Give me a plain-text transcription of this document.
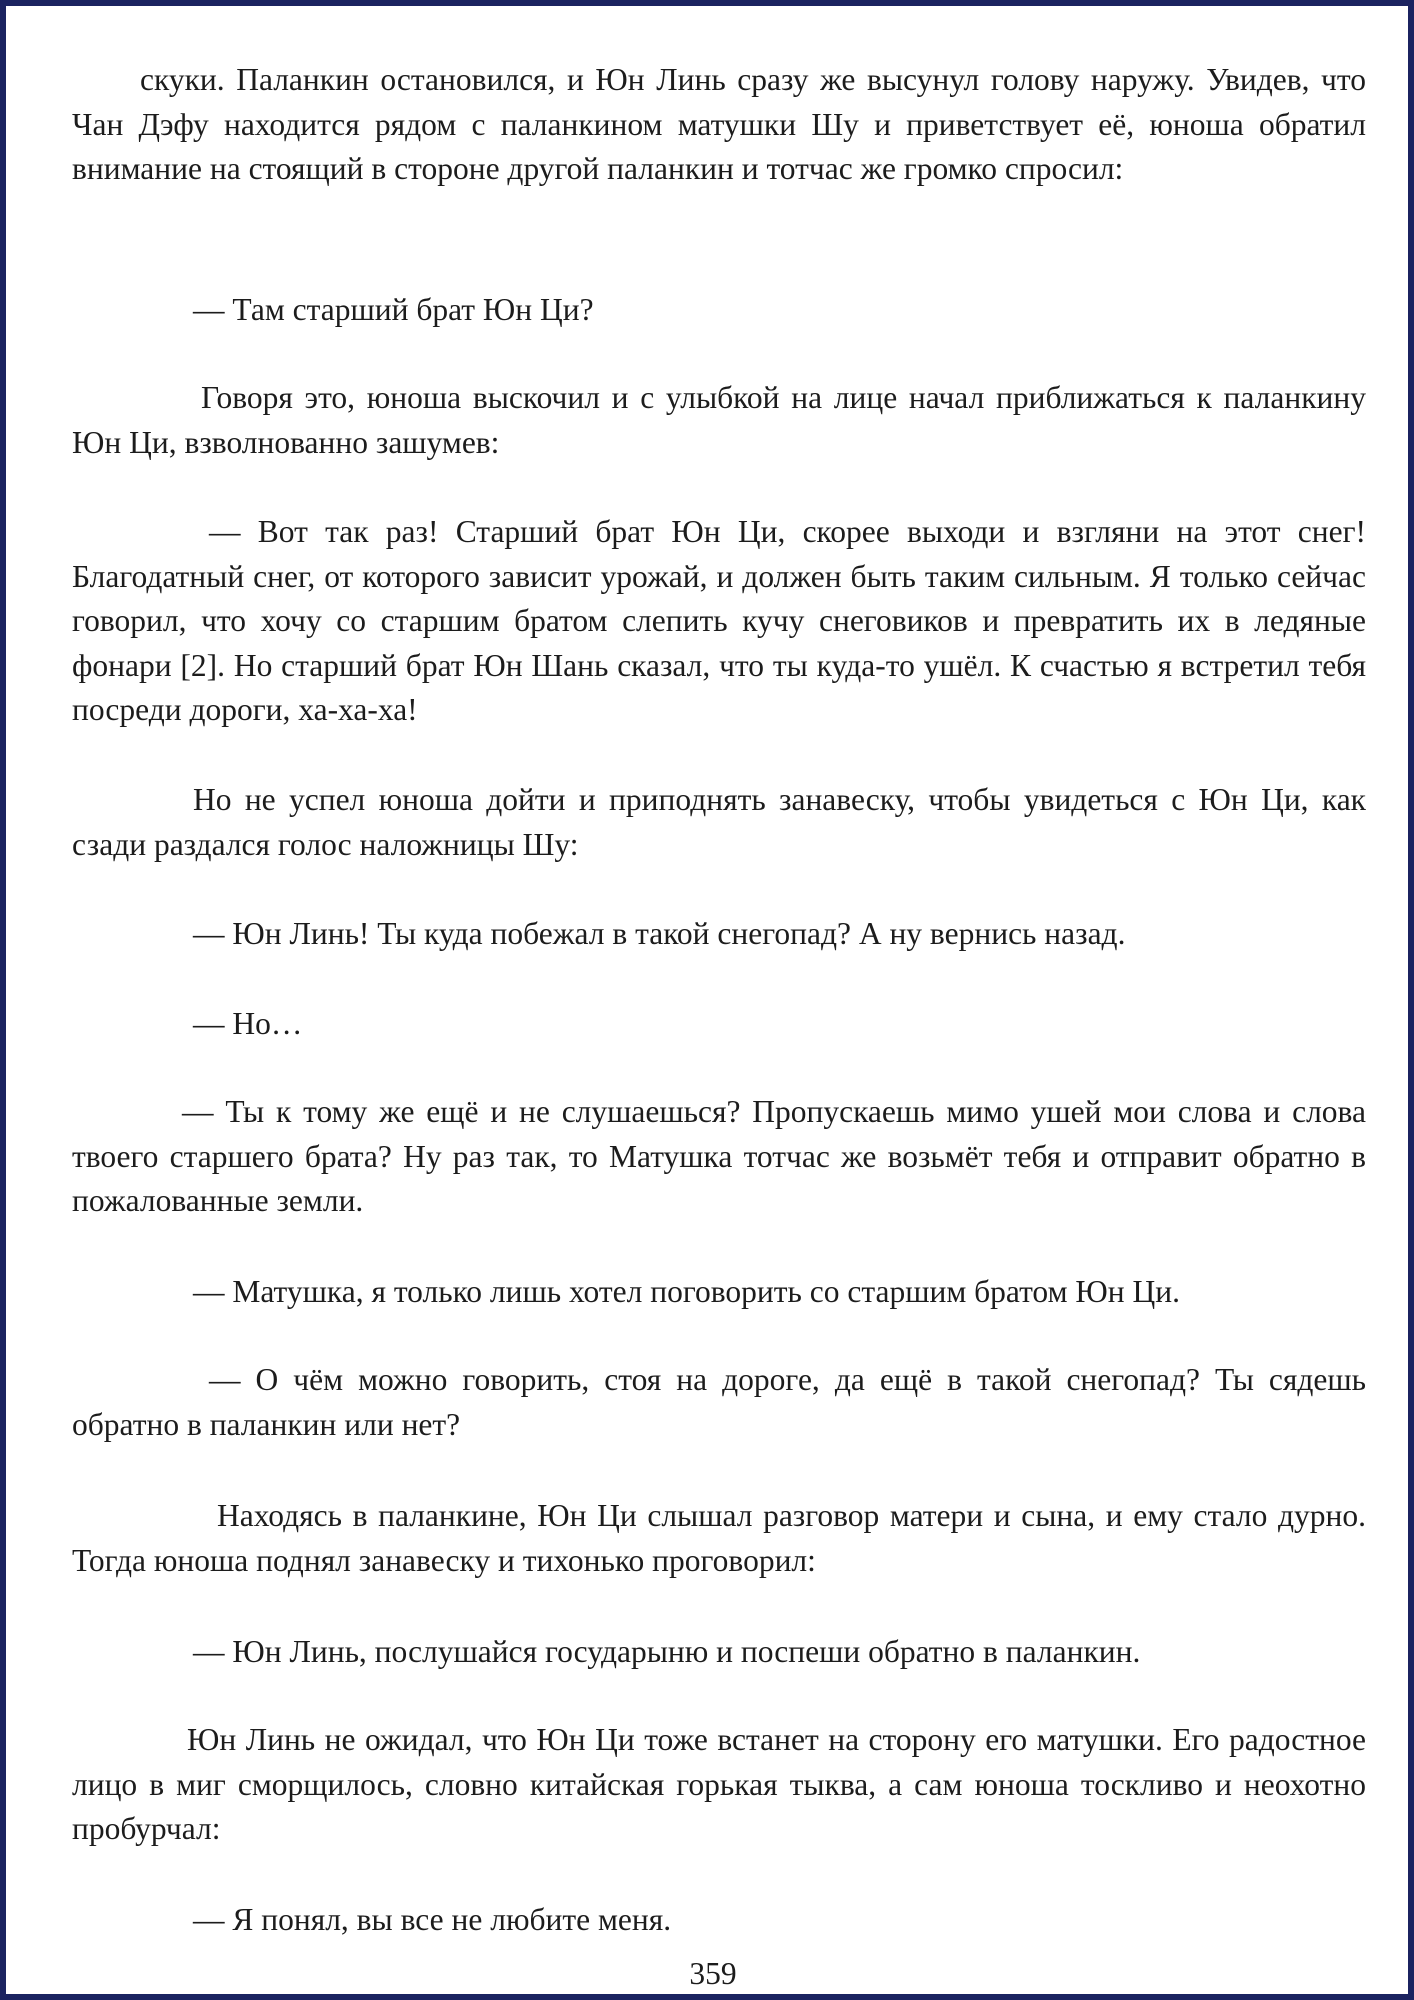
скуки. Паланкин остановился, и Юн Линь сразу же высунул голову наружу. Увидев, что Чан Дэфу находится рядом с паланкином матушки Шу и приветствует её, юноша обратил внимание на стоящий в стороне другой паланкин и тотчас же громко спросил:

— Там старший брат Юн Ци?

Говоря это, юноша выскочил и с улыбкой на лице начал приближаться к паланкину Юн Ци, взволнованно зашумев:

— Вот так раз! Старший брат Юн Ци, скорее выходи и взгляни на этот снег! Благодатный снег, от которого зависит урожай, и должен быть таким сильным. Я только сейчас говорил, что хочу со старшим братом слепить кучу снеговиков и превратить их в ледяные фонари [2]. Но старший брат Юн Шань сказал, что ты куда-то ушёл. К счастью я встретил тебя посреди дороги, ха-ха-ха!

Но не успел юноша дойти и приподнять занавеску, чтобы увидеться с Юн Ци, как сзади раздался голос наложницы Шу:

— Юн Линь! Ты куда побежал в такой снегопад? А ну вернись назад.

— Но…

— Ты к тому же ещё и не слушаешься? Пропускаешь мимо ушей мои слова и слова твоего старшего брата? Ну раз так, то Матушка тотчас же возьмёт тебя и отправит обратно в пожалованные земли.

— Матушка, я только лишь хотел поговорить со старшим братом Юн Ци.

— О чём можно говорить, стоя на дороге, да ещё в такой снегопад? Ты сядешь обратно в паланкин или нет?

Находясь в паланкине, Юн Ци слышал разговор матери и сына, и ему стало дурно. Тогда юноша поднял занавеску и тихонько проговорил:

— Юн Линь, послушайся государыню и поспеши обратно в паланкин.

Юн Линь не ожидал, что Юн Ци тоже встанет на сторону его матушки. Его радостное лицо в миг сморщилось, словно китайская горькая тыква, а сам юноша тоскливо и неохотно пробурчал:

— Я понял, вы все не любите меня.

359
